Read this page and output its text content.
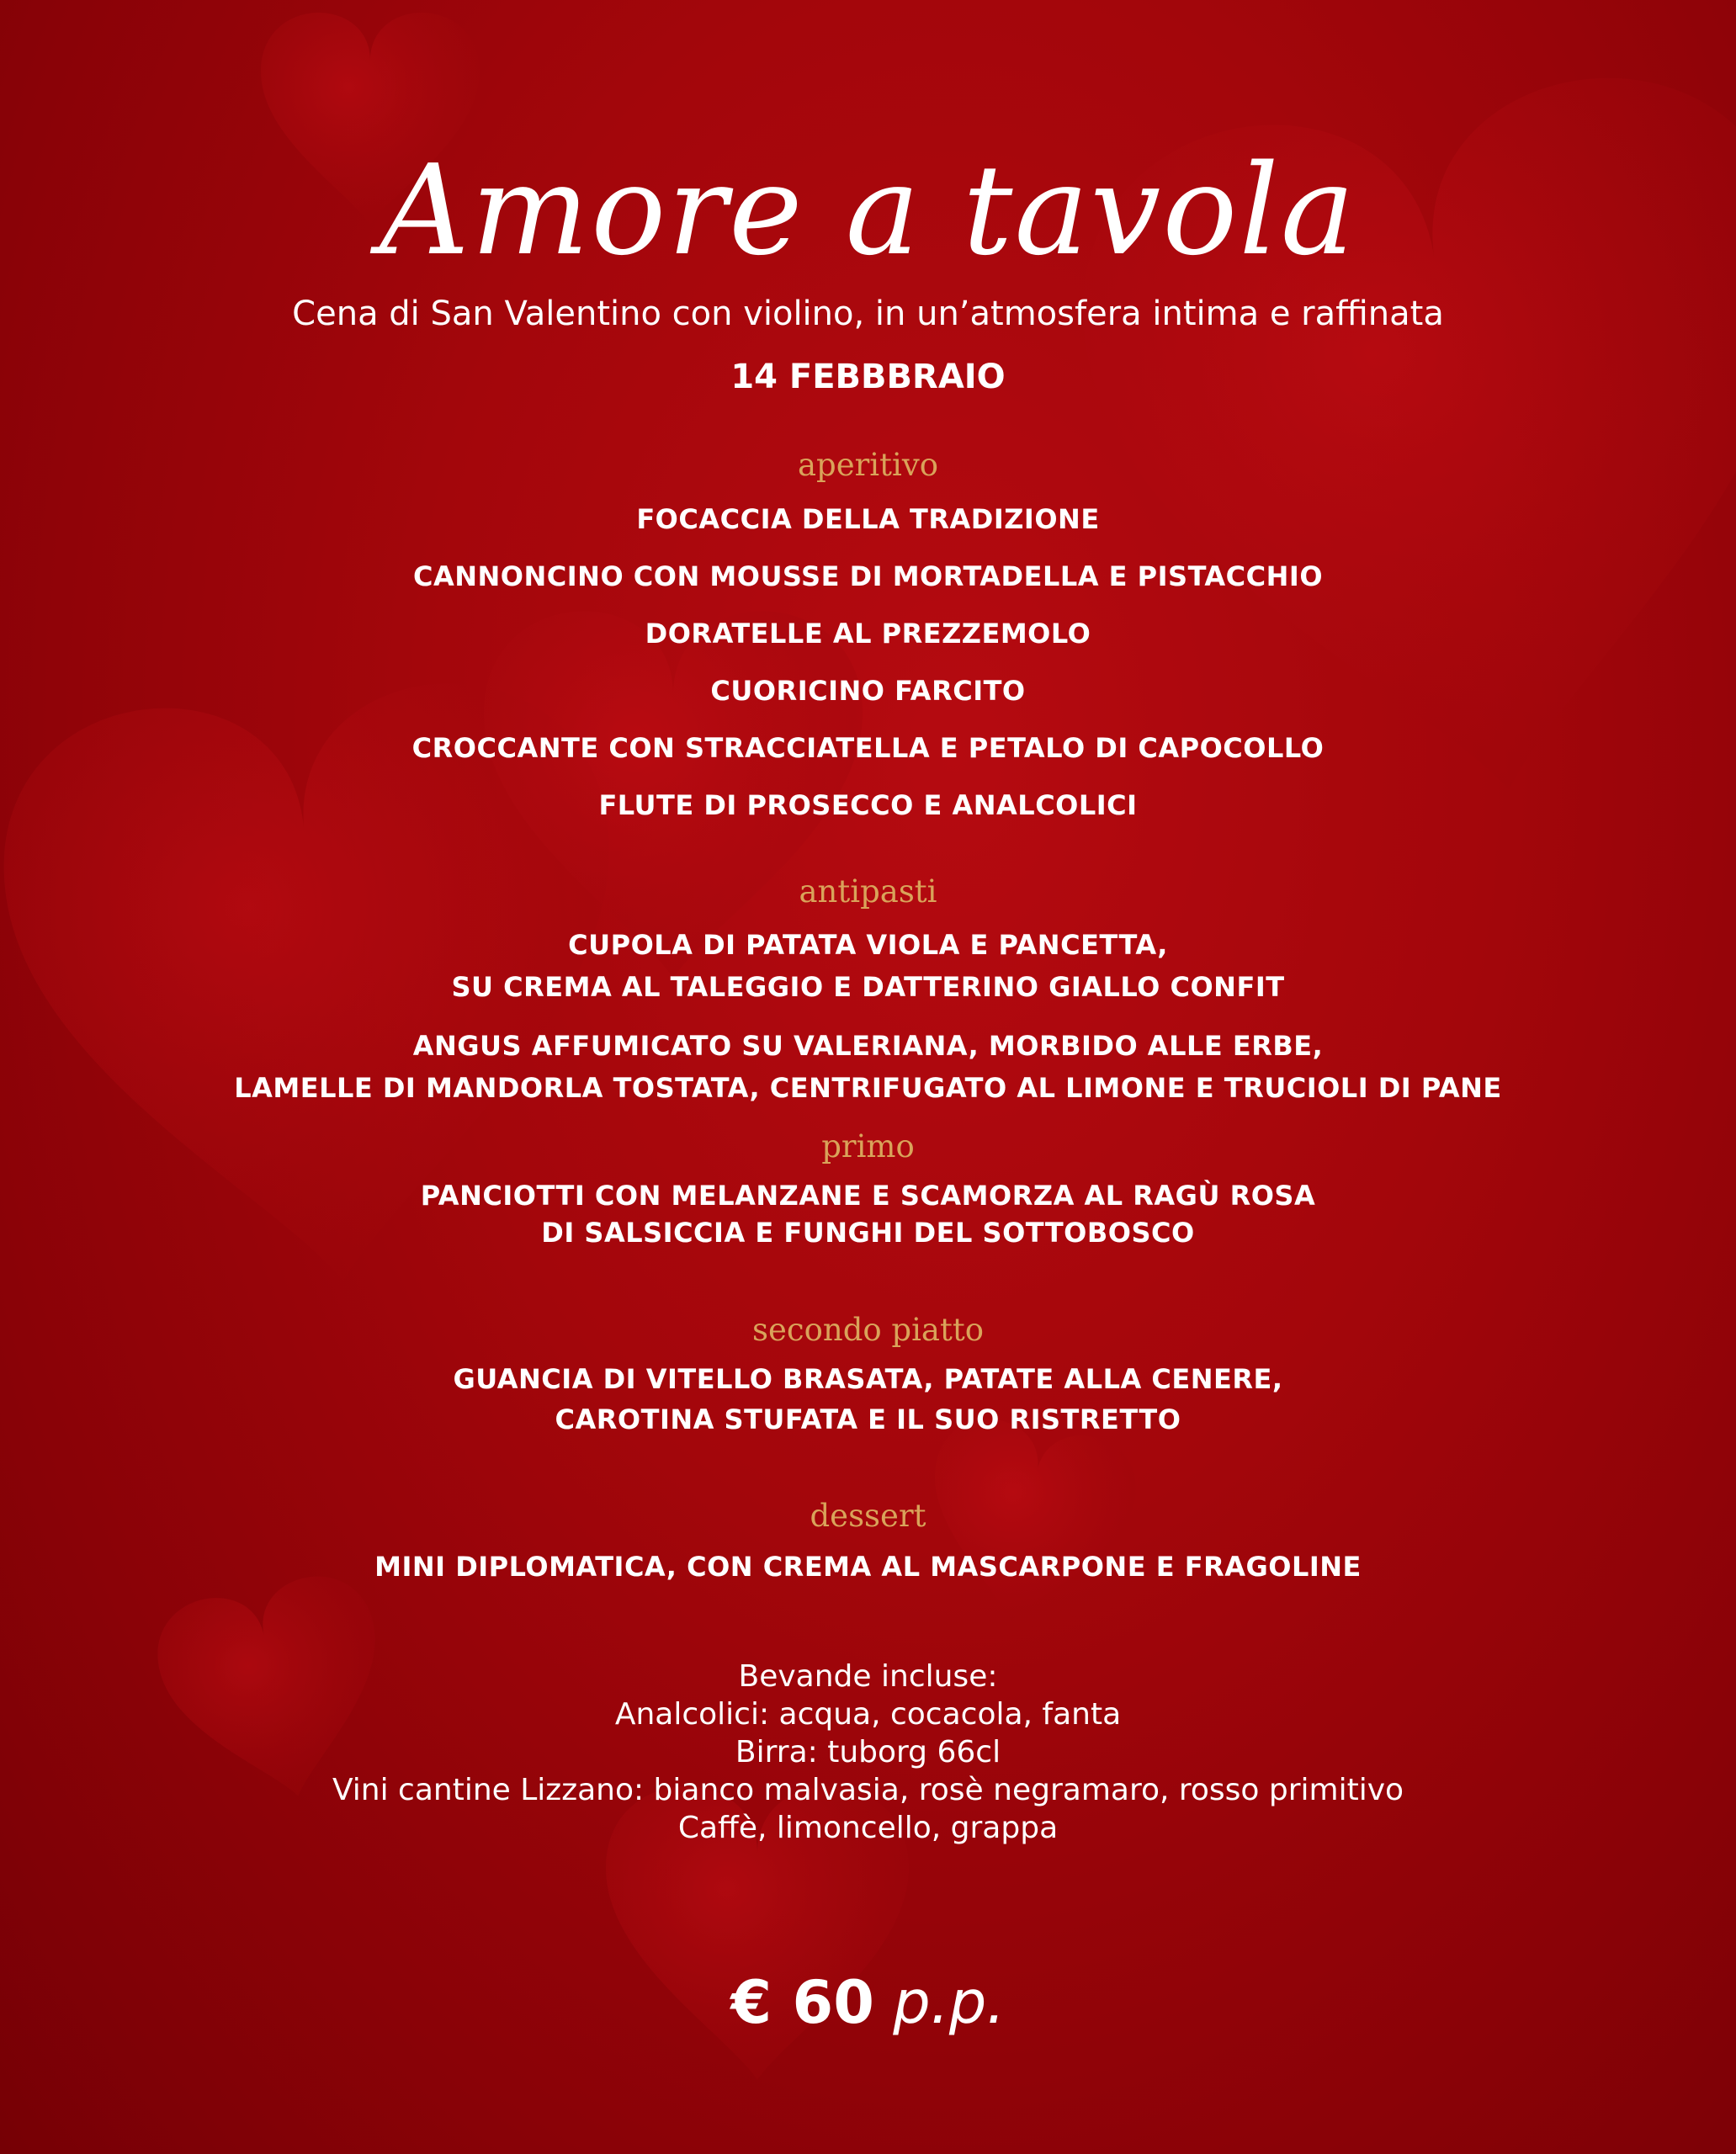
Amore a tavola
Cena di San Valentino con violino, in un’atmosfera intima e raffinata
14 FEBBBRAIO
aperitivo
FOCACCIA DELLA TRADIZIONE
CANNONCINO CON MOUSSE DI MORTADELLA E PISTACCHIO
DORATELLE AL PREZZEMOLO
CUORICINO FARCITO
CROCCANTE CON STRACCIATELLA E PETALO DI CAPOCOLLO
FLUTE DI PROSECCO E ANALCOLICI
antipasti
CUPOLA DI PATATA VIOLA E PANCETTA,
SU CREMA AL TALEGGIO E DATTERINO GIALLO CONFIT
ANGUS AFFUMICATO SU VALERIANA, MORBIDO ALLE ERBE,
LAMELLE DI MANDORLA TOSTATA, CENTRIFUGATO AL LIMONE E TRUCIOLI DI PANE
primo
PANCIOTTI CON MELANZANE E SCAMORZA AL RAGÙ ROSA
DI SALSICCIA E FUNGHI DEL SOTTOBOSCO
secondo piatto
GUANCIA DI VITELLO BRASATA, PATATE ALLA CENERE,
CAROTINA STUFATA E IL SUO RISTRETTO
dessert
MINI DIPLOMATICA, CON CREMA AL MASCARPONE E FRAGOLINE
Bevande incluse:
Analcolici: acqua, cocacola, fanta
Birra: tuborg 66cl
Vini cantine Lizzano: bianco malvasia, rosè negramaro, rosso primitivo
Caffè, limoncello, grappa
€ 60 p.p.
